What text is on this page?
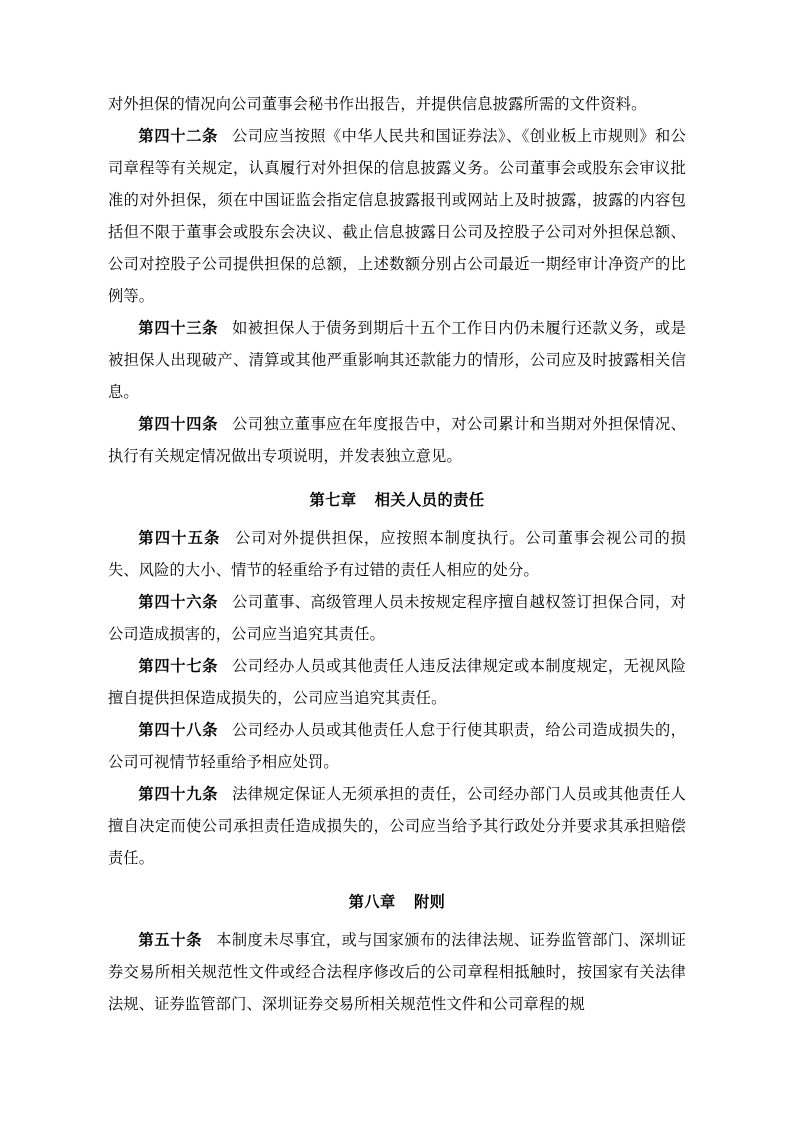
对外担保的情况向公司董事会秘书作出报告，并提供信息披露所需的文件资料。

第四十二条 公司应当按照《中华人民共和国证券法》、《创业板上市规则》和公司章程等有关规定，认真履行对外担保的信息披露义务。公司董事会或股东会审议批准的对外担保，须在中国证监会指定信息披露报刊或网站上及时披露，披露的内容包括但不限于董事会或股东会决议、截止信息披露日公司及控股子公司对外担保总额、公司对控股子公司提供担保的总额，上述数额分别占公司最近一期经审计净资产的比例等。

第四十三条 如被担保人于债务到期后十五个工作日内仍未履行还款义务，或是被担保人出现破产、清算或其他严重影响其还款能力的情形，公司应及时披露相关信息。

第四十四条 公司独立董事应在年度报告中，对公司累计和当期对外担保情况、执行有关规定情况做出专项说明，并发表独立意见。

第七章 相关人员的责任

第四十五条 公司对外提供担保，应按照本制度执行。公司董事会视公司的损失、风险的大小、情节的轻重给予有过错的责任人相应的处分。

第四十六条 公司董事、高级管理人员未按规定程序擅自越权签订担保合同，对公司造成损害的，公司应当追究其责任。

第四十七条 公司经办人员或其他责任人违反法律规定或本制度规定，无视风险擅自提供担保造成损失的，公司应当追究其责任。

第四十八条 公司经办人员或其他责任人怠于行使其职责，给公司造成损失的，公司可视情节轻重给予相应处罚。

第四十九条 法律规定保证人无须承担的责任，公司经办部门人员或其他责任人擅自决定而使公司承担责任造成损失的，公司应当给予其行政处分并要求其承担赔偿责任。

第八章 附则

第五十条 本制度未尽事宜，或与国家颁布的法律法规、证券监管部门、深圳证券交易所相关规范性文件或经合法程序修改后的公司章程相抵触时，按国家有关法律法规、证券监管部门、深圳证券交易所相关规范性文件和公司章程的规
